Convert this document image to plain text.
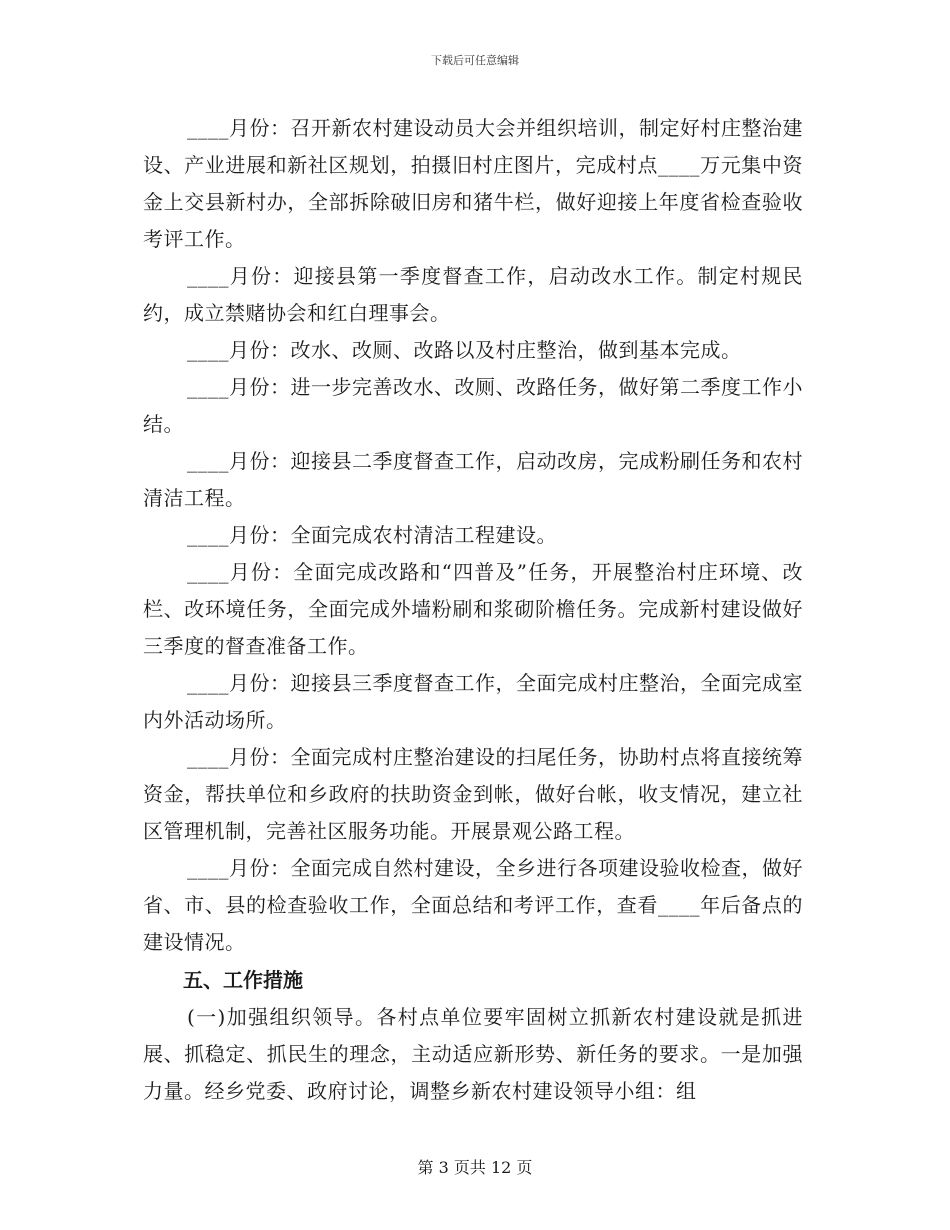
下载后可任意编辑

____月份：召开新农村建设动员大会并组织培训，制定好村庄整治建设、产业进展和新社区规划，拍摄旧村庄图片，完成村点____万元集中资金上交县新村办，全部拆除破旧房和猪牛栏，做好迎接上年度省检查验收考评工作。

____月份：迎接县第一季度督查工作，启动改水工作。制定村规民约，成立禁赌协会和红白理事会。

____月份：改水、改厕、改路以及村庄整治，做到基本完成。

____月份：进一步完善改水、改厕、改路任务，做好第二季度工作小结。

____月份：迎接县二季度督查工作，启动改房，完成粉刷任务和农村清洁工程。

____月份：全面完成农村清洁工程建设。

____月份：全面完成改路和“四普及”任务，开展整治村庄环境、改栏、改环境任务，全面完成外墙粉刷和浆砌阶檐任务。完成新村建设做好三季度的督查准备工作。

____月份：迎接县三季度督查工作，全面完成村庄整治，全面完成室内外活动场所。

____月份：全面完成村庄整治建设的扫尾任务，协助村点将直接统筹资金，帮扶单位和乡政府的扶助资金到帐，做好台帐，收支情况，建立社区管理机制，完善社区服务功能。开展景观公路工程。

____月份：全面完成自然村建设，全乡进行各项建设验收检查，做好省、市、县的检查验收工作，全面总结和考评工作，查看____年后备点的建设情况。

五、工作措施

(一)加强组织领导。各村点单位要牢固树立抓新农村建设就是抓进展、抓稳定、抓民生的理念，主动适应新形势、新任务的要求。一是加强力量。经乡党委、政府讨论，调整乡新农村建设领导小组：组

第 3 页共 12 页
